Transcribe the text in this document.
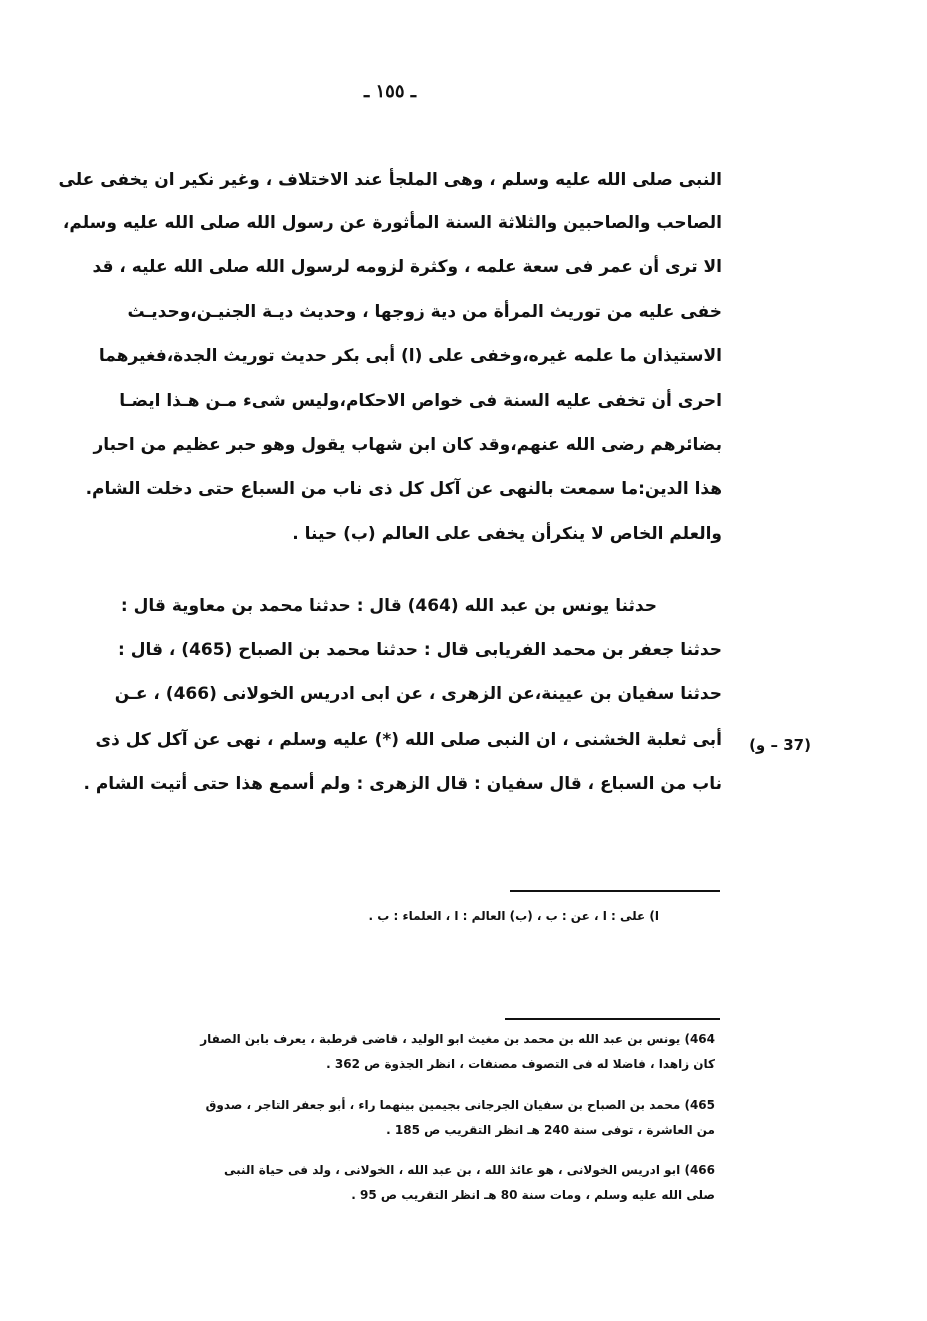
ـ ١٥٥ ـ
النبى صلى الله عليه وسلم ، وهى الملجأ عند الاختلاف ، وغير نكير ان يخفى على
الصاحب والصاحبين والثلاثة السنة المأثورة عن رسول الله صلى الله عليه وسلم،
الا ترى أن عمر فى سعة علمه ، وكثرة لزومه لرسول الله صلى الله عليه ، قد
خفى عليه من توريث المرأة من دية زوجها ، وحديث ديـة الجنيـن،وحديـث
الاستيذان ما علمه غيره،وخفى على (ا) أبى بكر حديث توريث الجدة،فغيرهما
احرى أن تخفى عليه السنة فى خواص الاحكام،وليس شىء مـن هـذا ايضـا
بضائرهم رضى الله عنهم،وقد كان ابن شهاب يقول وهو حبر عظيم من احبار
هذا الدين:ما سمعت بالنهى عن آكل كل ذى ناب من السباع حتى دخلت الشام.
والعلم الخاص لا ينكرأن يخفى على العالم (ب) حينا .
حدثنا يونس بن عبد الله (464) قال : حدثنا محمد بن معاوية قال :
حدثنا جعفر بن محمد الفريابى قال : حدثنا محمد بن الصباح (465) ، قال :
حدثنا سفيان بن عيينة،عن الزهرى ، عن ابى ادريس الخولانى (466) ، عـن
أبى ثعلبة الخشنى ، ان النبى صلى الله (*) عليه وسلم ، نهى عن آكل كل ذى
ناب من السباع ، قال سفيان : قال الزهرى : ولم أسمع هذا حتى أتيت الشام .
(37 – و)
ا) على : ا ، عن : ب ، (ب) العالم : ا ، العلماء : ب .
464) يونس بن عبد الله بن محمد بن مغيث ابو الوليد ، قاضى قرطبة ، يعرف بابن الصفار
كان زاهدا ، فاضلا له فى التصوف مصنفات ، انظر الجذوة ص 362 .
465) محمد بن الصباح بن سفيان الجرجانى بجيمين بينهما راء ، أبو جعفر التاجر ، صدوق
من العاشرة ، توفى سنة 240 هـ انظر التقريب ص 185 .
466) ابو ادريس الخولانى ، هو عائذ الله ، بن عبد الله ، الخولانى ، ولد فى حياة النبى
صلى الله عليه وسلم ، ومات سنة 80 هـ انظر التقريب ص 95 .
